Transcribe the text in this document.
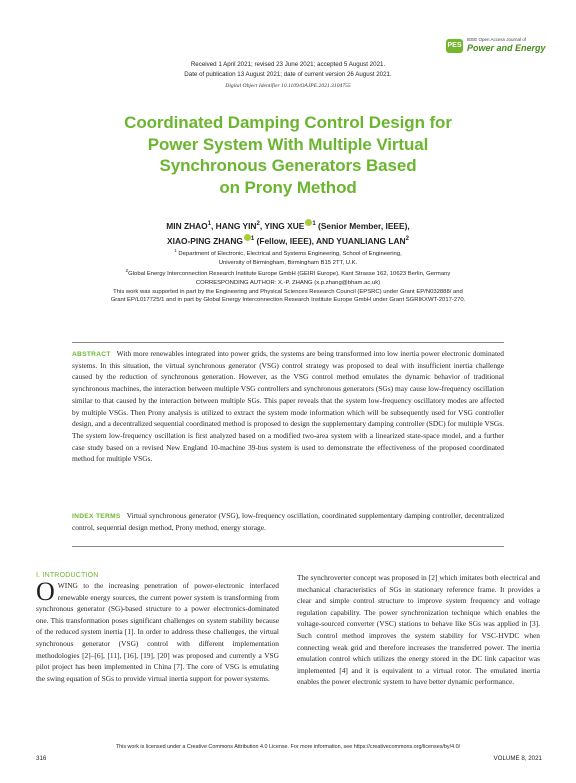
PES
IEEE Open Access Journal of
Power and Energy
Received 1 April 2021; revised 23 June 2021; accepted 5 August 2021.
Date of publication 13 August 2021; date of current version 26 August 2021.
Digital Object Identifier 10.1109/OAJPE.2021.3104755
Coordinated Damping Control Design for
Power System With Multiple Virtual
Synchronous Generators Based
on Prony Method
MIN ZHAO$^1$, HANG YIN$^2$, YING XUE $^1$ (Senior Member, IEEE),
XIAO-PING ZHANG $^1$ (Fellow, IEEE), AND YUANLIANG LAN$^2$
$^1$ Department of Electronic, Electrical and Systems Engineering, School of Engineering,
University of Birmingham, Birmingham B15 2TT, U.K.
$^2$Global Energy Interconnection Research Institute Europe GmbH (GEIRI Europe), Kant Strasse 162, 10623 Berlin, Germany
CORRESPONDING AUTHOR: X.-P. ZHANG (x.p.zhang@bham.ac.uk)
This work was supported in part by the Engineering and Physical Sciences Research Council (EPSRC) under Grant EP/N032888/ and
Grant EP/L017725/1 and in part by Global Energy Interconnection Research Institute Europe GmbH under Grant SGRIKXWT-2017-270.
ABSTRACT With more renewables integrated into power grids, the systems are being transformed into low inertia power electronic dominated systems. In this situation, the virtual synchronous generator (VSG) control strategy was proposed to deal with insufficient inertia challenge caused by the reduction of synchronous generation. However, as the VSG control method emulates the dynamic behavior of traditional synchronous machines, the interaction between multiple VSG controllers and synchronous generators (SGs) may cause low-frequency oscillation similar to that caused by the interaction between multiple SGs. This paper reveals that the system low-frequency oscillatory modes are affected by multiple VSGs. Then Prony analysis is utilized to extract the system mode information which will be subsequently used for VSG controller design, and a decentralized sequential coordinated method is proposed to design the supplementary damping controller (SDC) for multiple VSGs. The system low-frequency oscillation is first analyzed based on a modified two-area system with a linearized state-space model, and a further case study based on a revised New England 10-machine 39-bus system is used to demonstrate the effectiveness of the proposed coordinated method for multiple VSGs.
INDEX TERMS Virtual synchronous generator (VSG), low-frequency oscillation, coordinated supplementary damping controller, decentralized control, sequential design method, Prony method, energy storage.
I. INTRODUCTION

OWING to the increasing penetration of power-electronic interfaced renewable energy sources, the current power system is transforming from synchronous generator (SG)-based structure to a power electronics-dominated one. This transformation poses significant challenges on system stability because of the reduced system inertia [1]. In order to address these challenges, the virtual synchronous generator (VSG) control with different implementation methodologies [2]–[6], [11], [16], [19], [20] was proposed and currently a VSG pilot project has been implemented in China [7]. The core of VSG is emulating the swing equation of SGs to provide virtual inertia support for power systems.

The synchroverter concept was proposed in [2] which imitates both electrical and mechanical characteristics of SGs in stationary reference frame. It provides a clear and simple control structure to improve system frequency and voltage regulation capability. The power synchronization technique which enables the voltage-sourced converter (VSC) stations to behave like SGs was applied in [3]. Such control method improves the system stability for VSC-HVDC when connecting weak grid and therefore increases the transferred power. The inertia emulation control which utilizes the energy stored in the DC link capacitor was implemented [4] and it is equivalent to a virtual rotor. The emulated inertia enables the power electronic system to have better dynamic performance.

This work is licensed under a Creative Commons Attribution 4.0 License. For more information, see https://creativecommons.org/licenses/by/4.0/
316	VOLUME 8, 2021
